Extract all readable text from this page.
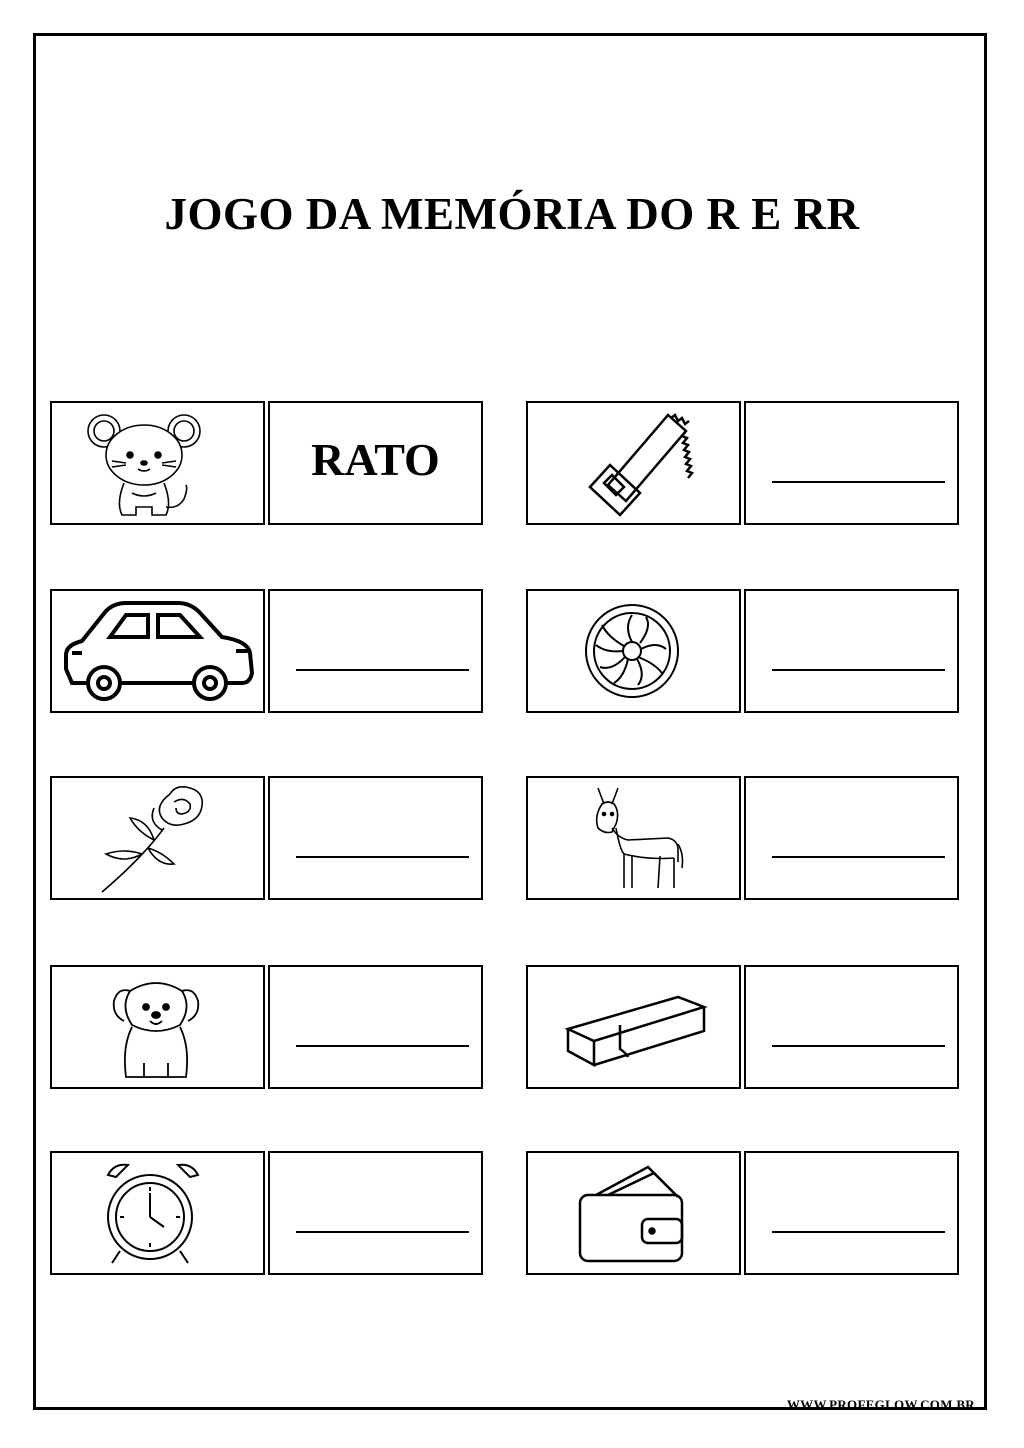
JOGO DA MEMÓRIA DO R E RR
RATO
WWW.PROFEGLOW.COM.BR
